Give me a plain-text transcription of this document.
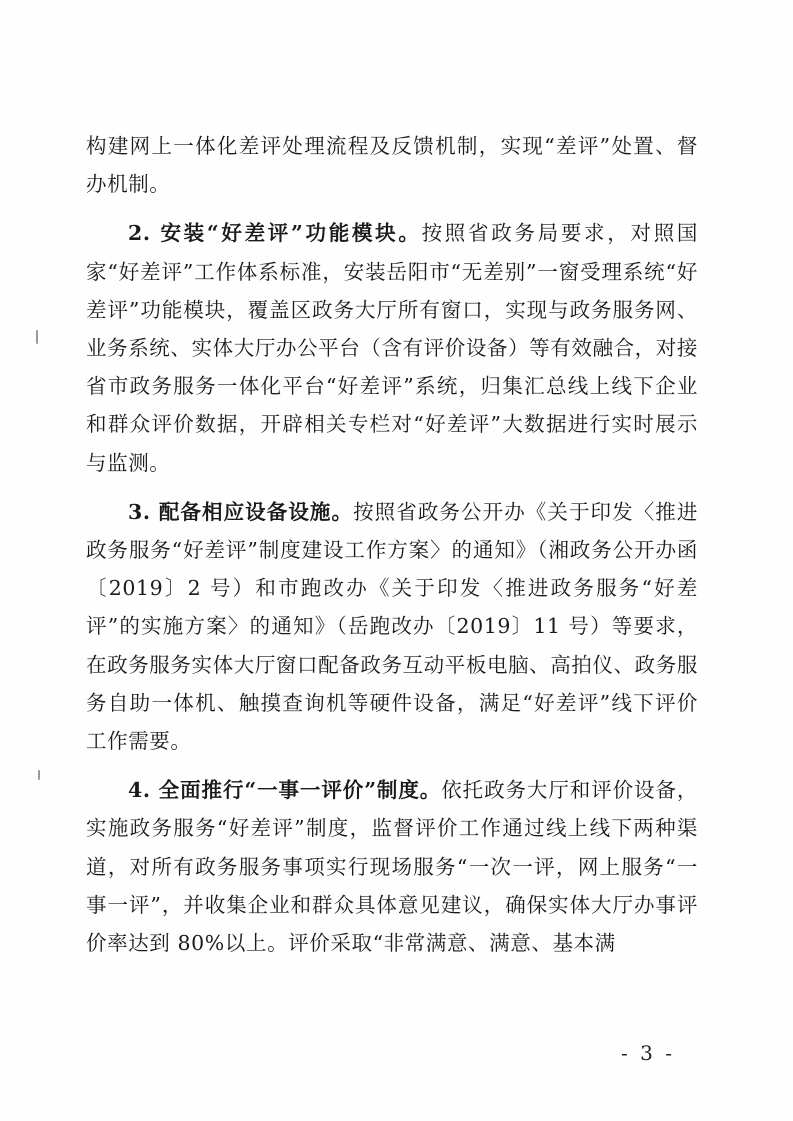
构建网上一体化差评处理流程及反馈机制，实现“差评”处置、督办机制。

2. 安装“好差评”功能模块。按照省政务局要求，对照国家“好差评”工作体系标准，安装岳阳市“无差别”一窗受理系统“好差评”功能模块，覆盖区政务大厅所有窗口，实现与政务服务网、业务系统、实体大厅办公平台（含有评价设备）等有效融合，对接省市政务服务一体化平台“好差评”系统，归集汇总线上线下企业和群众评价数据，开辟相关专栏对“好差评”大数据进行实时展示与监测。

3. 配备相应设备设施。按照省政务公开办《关于印发〈推进政务服务“好差评”制度建设工作方案〉的通知》（湘政务公开办函〔2019〕2 号）和市跑改办《关于印发〈推进政务服务“好差评”的实施方案〉的通知》（岳跑改办〔2019〕11 号）等要求，在政务服务实体大厅窗口配备政务互动平板电脑、高拍仪、政务服务自助一体机、触摸查询机等硬件设备，满足“好差评”线下评价工作需要。

4. 全面推行“一事一评价”制度。依托政务大厅和评价设备，实施政务服务“好差评”制度，监督评价工作通过线上线下两种渠道，对所有政务服务事项实行现场服务“一次一评，网上服务“一事一评”，并收集企业和群众具体意见建议，确保实体大厅办事评价率达到 80%以上。评价采取“非常满意、满意、基本满

- 3 -
